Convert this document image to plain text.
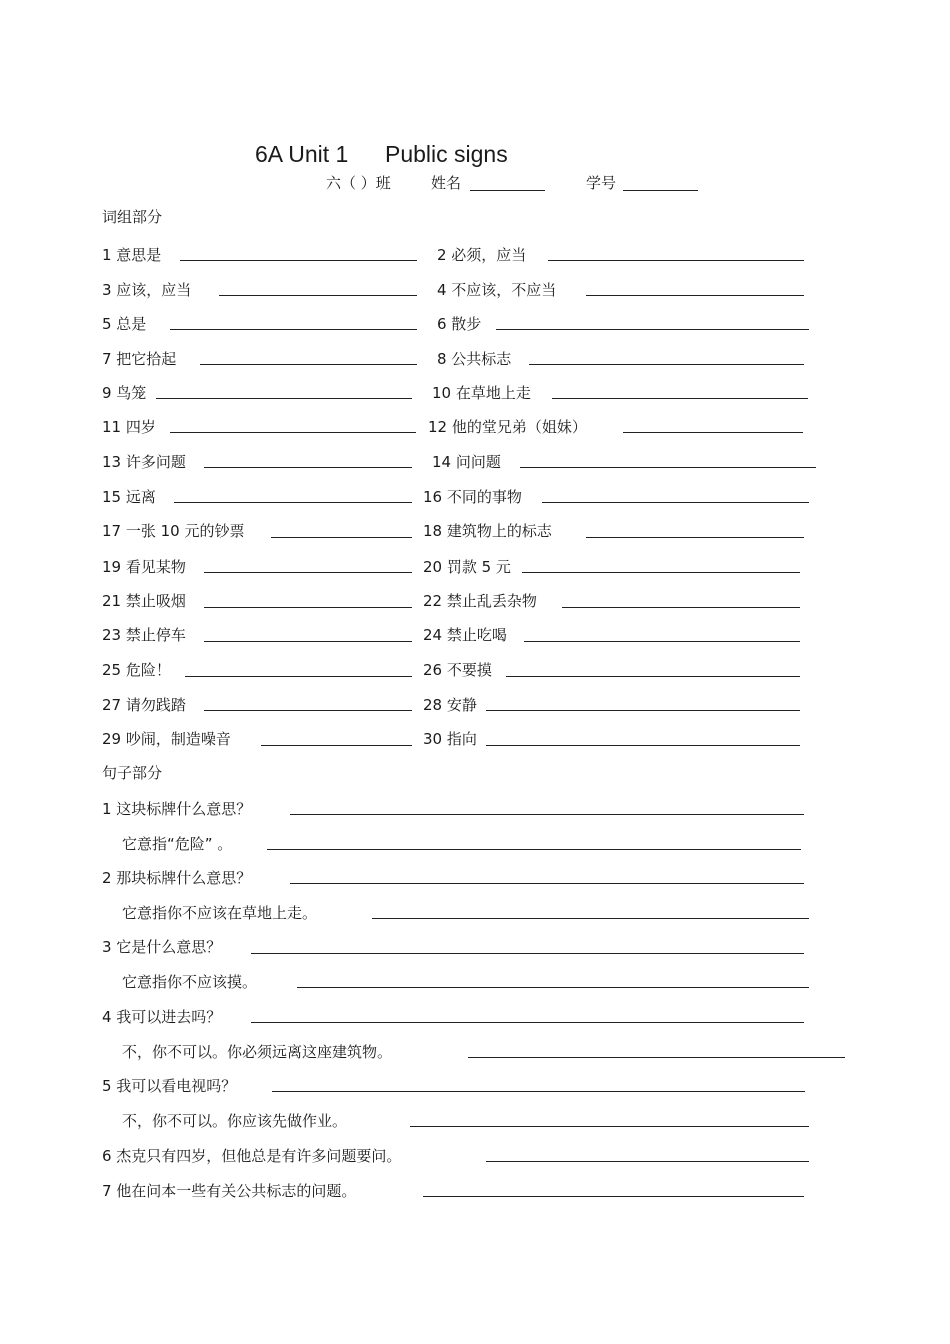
6A Unit 1 Public signs
六（ ）班	姓名	学号
词组部分
1 意思是	2 必须，应当
3 应该，应当	4 不应该，不应当
5 总是	6 散步
7 把它拾起	8 公共标志
9 鸟笼	10 在草地上走
11 四岁	12 他的堂兄弟（姐妹）
13 许多问题	14 问问题
15 远离	16 不同的事物
17 一张 10 元的钞票	18 建筑物上的标志
19 看见某物	20 罚款 5 元
21 禁止吸烟	22 禁止乱丢杂物
23 禁止停车	24 禁止吃喝
25 危险！	26 不要摸
27 请勿践踏	28 安静
29 吵闹，制造噪音	30 指向
句子部分
1 这块标牌什么意思？
它意指“危险” 。
2 那块标牌什么意思？
它意指你不应该在草地上走。
3 它是什么意思？
它意指你不应该摸。
4 我可以进去吗？
不，你不可以。你必须远离这座建筑物。
5 我可以看电视吗？
不，你不可以。你应该先做作业。
6 杰克只有四岁，但他总是有许多问题要问。
7 他在问本一些有关公共标志的问题。
